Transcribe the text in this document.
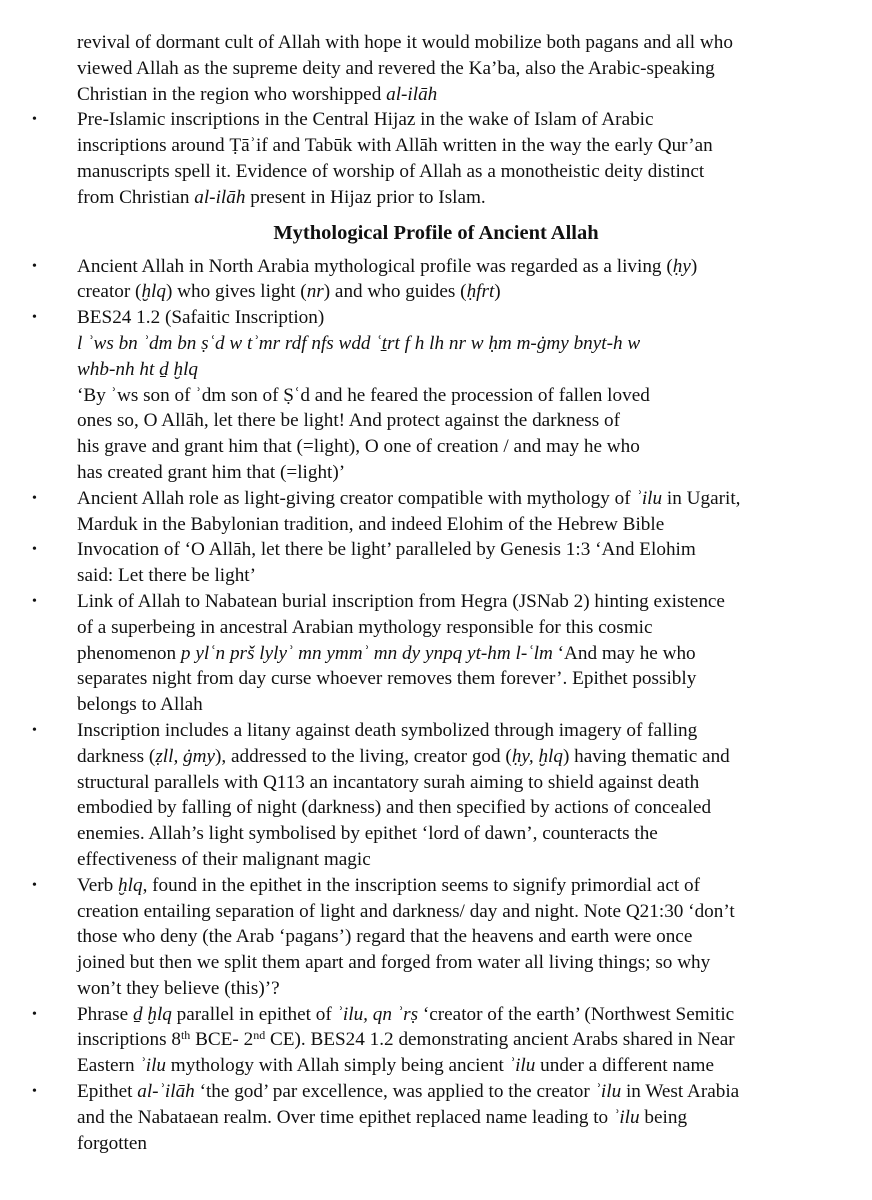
revival of dormant cult of Allah with hope it would mobilize both pagans and all who
viewed Allah as the supreme deity and revered the Ka’ba, also the Arabic-speaking
Christian in the region who worshipped al-ilāh
• Pre-Islamic inscriptions in the Central Hijaz in the wake of Islam of Arabic
inscriptions around Ṭāʾif and Tabūk with Allāh written in the way the early Qur’an
manuscripts spell it. Evidence of worship of Allah as a monotheistic deity distinct
from Christian al-ilāh present in Hijaz prior to Islam.
Mythological Profile of Ancient Allah
• Ancient Allah in North Arabia mythological profile was regarded as a living (ḥy)
creator (ḫlq) who gives light (nr) and who guides (ḥfrt)
• BES24 1.2 (Safaitic Inscription)
l ʾws bn ʾdm bn ṣʿd w tʾmr rdf nfs wdd ʿṯrt f h lh nr w ḥm m-ġmy bnyt-h w
whb-nh ht ḏ ḫlq
‘By ʾws son of ʾdm son of Ṣʿd and he feared the procession of fallen loved
ones so, O Allāh, let there be light! And protect against the darkness of
his grave and grant him that (=light), O one of creation / and may he who
has created grant him that (=light)’
• Ancient Allah role as light-giving creator compatible with mythology of ʾilu in Ugarit,
Marduk in the Babylonian tradition, and indeed Elohim of the Hebrew Bible
• Invocation of ‘O Allāh, let there be light’ paralleled by Genesis 1:3 ‘And Elohim
said: Let there be light’
• Link of Allah to Nabatean burial inscription from Hegra (JSNab 2) hinting existence
of a superbeing in ancestral Arabian mythology responsible for this cosmic
phenomenon p ylʿn prš lylyʾ mn ymmʾ mn dy ynpq yt-hm l-ʿlm ‘And may he who
separates night from day curse whoever removes them forever’. Epithet possibly
belongs to Allah
• Inscription includes a litany against death symbolized through imagery of falling
darkness (ẓll, ġmy), addressed to the living, creator god (ḥy, ḫlq) having thematic and
structural parallels with Q113 an incantatory surah aiming to shield against death
embodied by falling of night (darkness) and then specified by actions of concealed
enemies. Allah’s light symbolised by epithet ‘lord of dawn’, counteracts the
effectiveness of their malignant magic
• Verb ḫlq, found in the epithet in the inscription seems to signify primordial act of
creation entailing separation of light and darkness/ day and night. Note Q21:30 ‘don’t
those who deny (the Arab ‘pagans’) regard that the heavens and earth were once
joined but then we split them apart and forged from water all living things; so why
won’t they believe (this)’?
• Phrase ḏ ḫlq parallel in epithet of ʾilu, qn ʾrṣ ‘creator of the earth’ (Northwest Semitic
inscriptions 8th BCE- 2nd CE). BES24 1.2 demonstrating ancient Arabs shared in Near
Eastern ʾilu mythology with Allah simply being ancient ʾilu under a different name
• Epithet al-ʾilāh ‘the god’ par excellence, was applied to the creator ʾilu in West Arabia
and the Nabataean realm. Over time epithet replaced name leading to ʾilu being
forgotten
